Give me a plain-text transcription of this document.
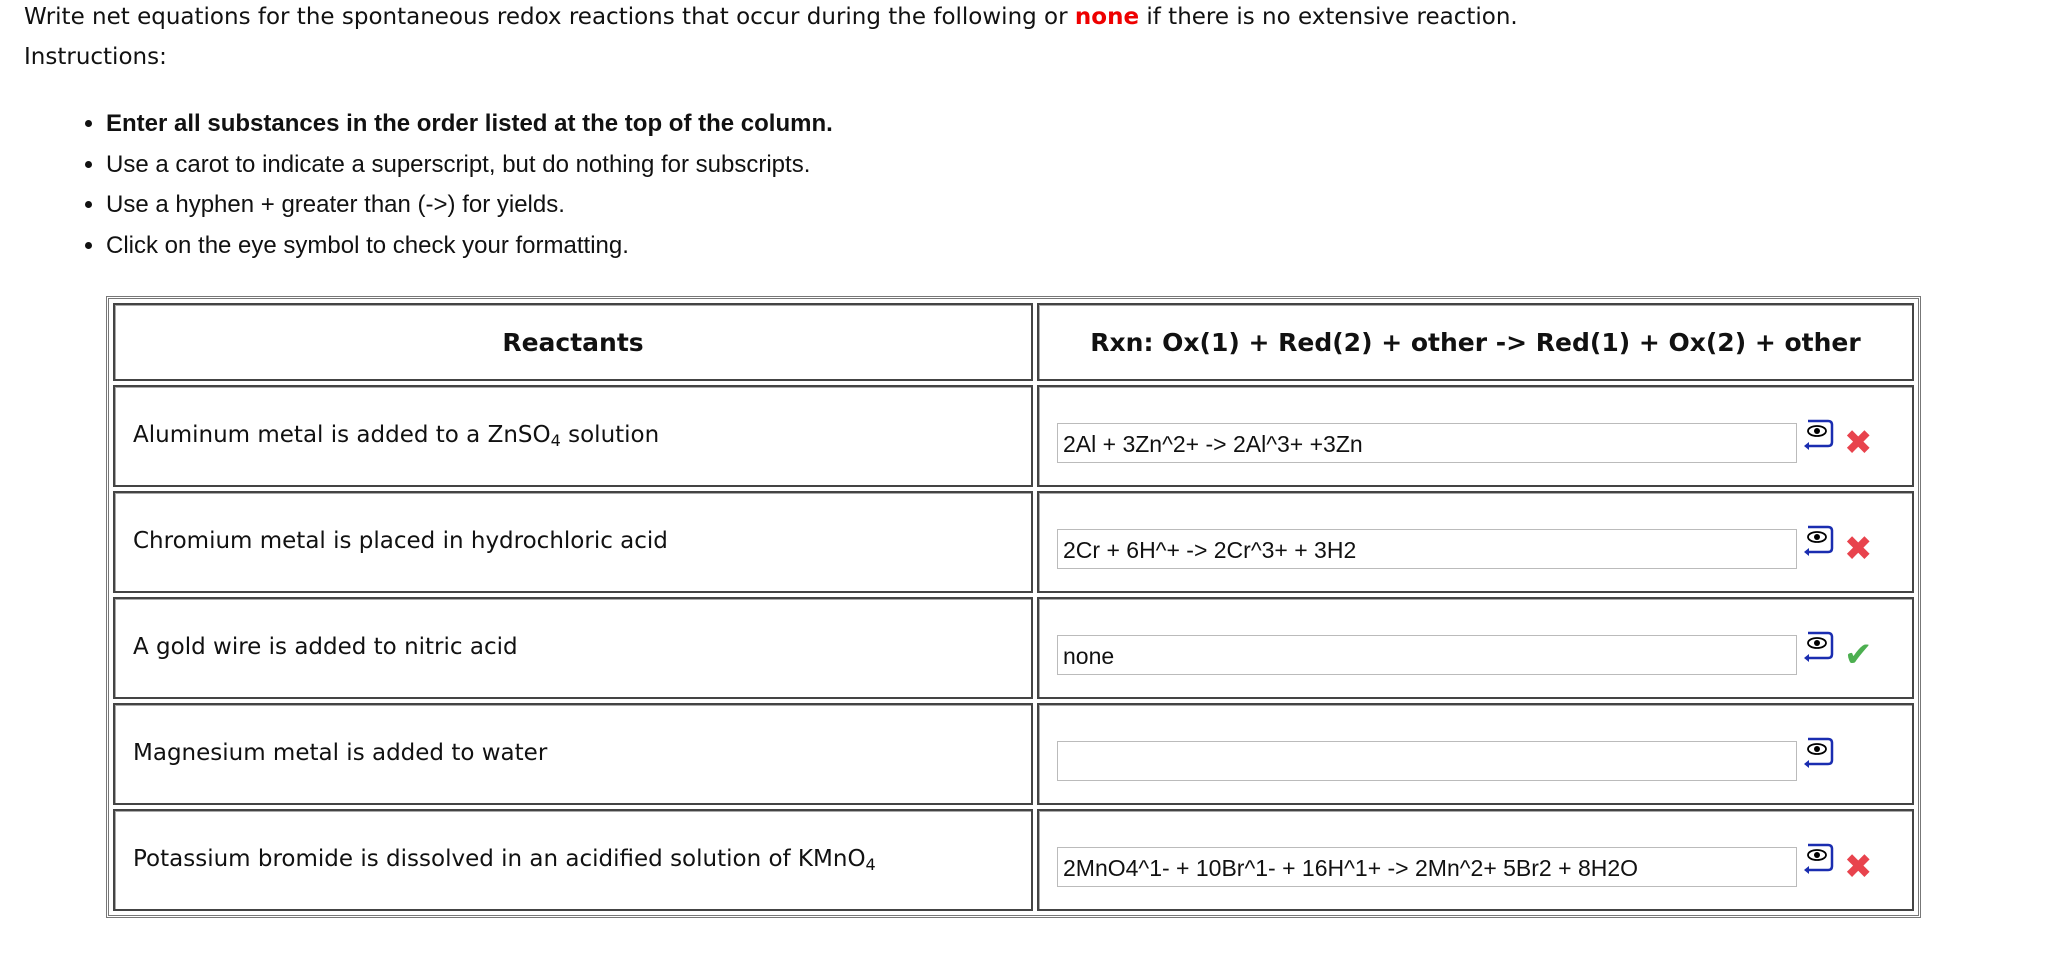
Write net equations for the spontaneous redox reactions that occur during the following or none if there is no extensive reaction.
Instructions:
• Enter all substances in the order listed at the top of the column.
• Use a carot to indicate a superscript, but do nothing for subscripts.
• Use a hyphen + greater than (->) for yields.
• Click on the eye symbol to check your formatting.
Reactants	Rxn: Ox(1) + Red(2) + other -> Red(1) + Ox(2) + other
Aluminum metal is added to a ZnSO$_4$ solution	2Al + 3Zn^2+ -> 2Al^3+ +3Zn ✖

Chromium metal is placed in hydrochloric acid	2Cr + 6H^+ -> 2Cr^3+ + 3H2 ✖

A gold wire is added to nitric acid	none ✔

Magnesium metal is added to water	

Potassium bromide is dissolved in an acidified solution of KMnO$_4$	2MnO4^1- + 10Br^1- + 16H^1+ -> 2Mn^2+ 5Br2 + 8H2O ✖
